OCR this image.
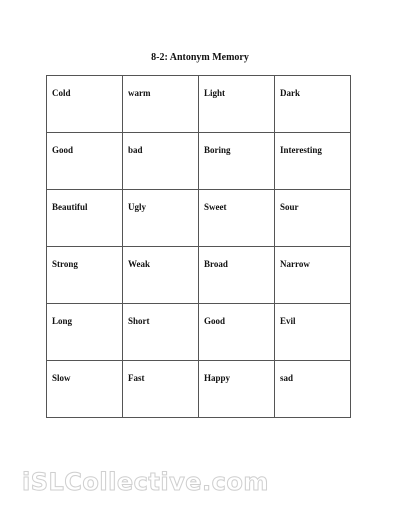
8-2: Antonym Memory
Cold	warm	Light	Dark

Good	bad	Boring	Interesting

Beautiful	Ugly	Sweet	Sour

Strong	Weak	Broad	Narrow

Long	Short	Good	Evil

Slow	Fast	Happy	sad
iSLCollective.com
